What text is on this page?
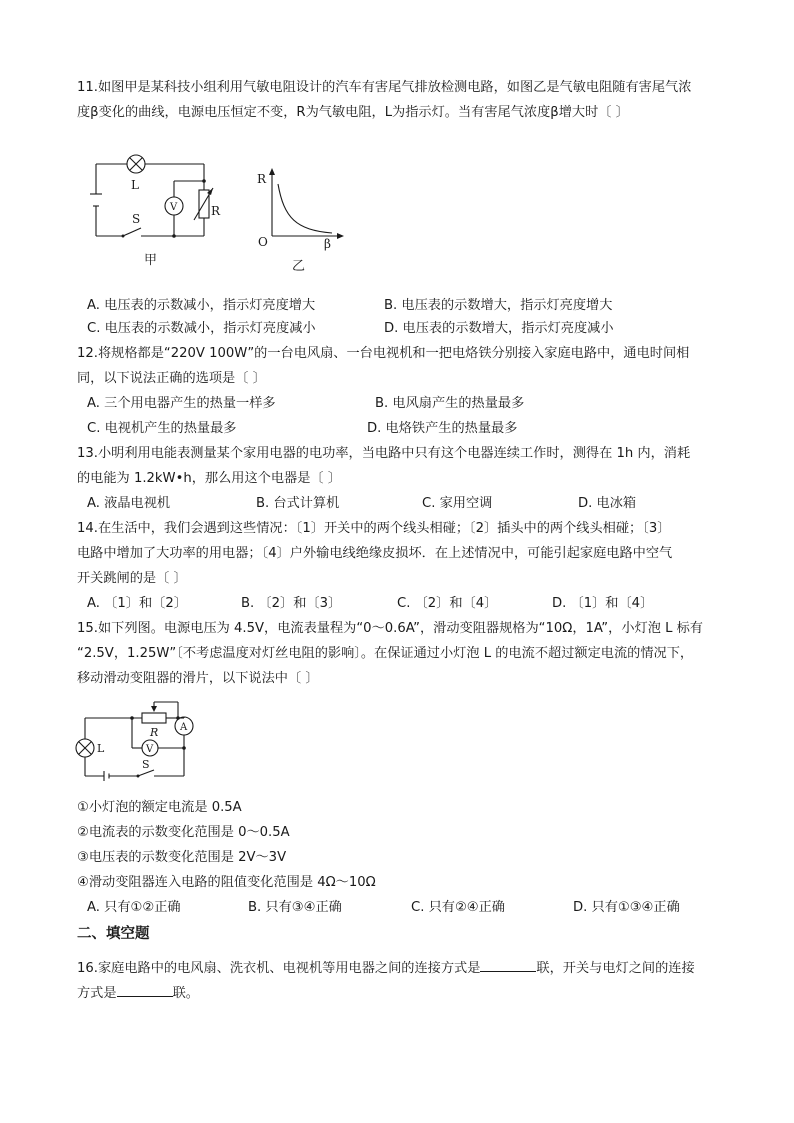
11.如图甲是某科技小组利用气敏电阻设计的汽车有害尾气排放检测电路，如图乙是气敏电阻随有害尾气浓
度β变化的曲线，电源电压恒定不变，R为气敏电阻，L为指示灯。当有害尾气浓度β增大时〔 〕
L
V	R
S
甲
R
O	β
乙
A. 电压表的示数减小，指示灯亮度增大	B. 电压表的示数增大，指示灯亮度增大
C. 电压表的示数减小，指示灯亮度减小	D. 电压表的示数增大，指示灯亮度减小
12.将规格都是“220V 100W”的一台电风扇、一台电视机和一把电烙铁分别接入家庭电路中，通电时间相
同，以下说法正确的选项是〔 〕
A. 三个用电器产生的热量一样多	B. 电风扇产生的热量最多
C. 电视机产生的热量最多	D. 电烙铁产生的热量最多
13.小明利用电能表测量某个家用电器的电功率，当电路中只有这个电器连续工作时，测得在 1h 内，消耗
的电能为 1.2kW•h，那么用这个电器是〔 〕
A. 液晶电视机	B. 台式计算机	C. 家用空调	D. 电冰箱
14.在生活中，我们会遇到这些情况：〔1〕开关中的两个线头相碰；〔2〕插头中的两个线头相碰；〔3〕
电路中增加了大功率的用电器；〔4〕户外输电线绝缘皮损坏．在上述情况中，可能引起家庭电路中空气
开关跳闸的是〔 〕
A. 〔1〕和〔2〕	B. 〔2〕和〔3〕	C. 〔2〕和〔4〕	D. 〔1〕和〔4〕
15.如下列图。电源电压为 4.5V，电流表量程为“0～0.6A”，滑动变阻器规格为“10Ω，1A”，小灯泡 L 标有
“2.5V，1.25W”〔不考虑温度对灯丝电阻的影响〕。在保证通过小灯泡 L 的电流不超过额定电流的情况下，
移动滑动变阻器的滑片，以下说法中〔 〕
A
V
R
L
S
①小灯泡的额定电流是 0.5A
②电流表的示数变化范围是 0～0.5A
③电压表的示数变化范围是 2V～3V
④滑动变阻器连入电路的阻值变化范围是 4Ω～10Ω
A. 只有①②正确	B. 只有③④正确	C. 只有②④正确	D. 只有①③④正确
二、填空题
16.家庭电路中的电风扇、洗衣机、电视机等用电器之间的连接方式是	联，开关与电灯之间的连接
方式是	联。
